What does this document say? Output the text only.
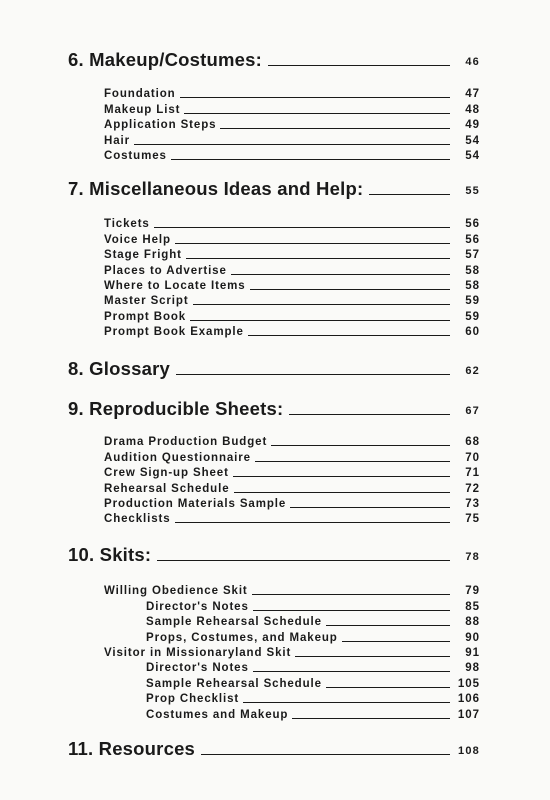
6. Makeup/Costumes:	46
Foundation	47
Makeup List	48
Application Steps	49
Hair	54
Costumes	54
7. Miscellaneous Ideas and Help:	55
Tickets	56
Voice Help	56
Stage Fright	57
Places to Advertise	58
Where to Locate Items	58
Master Script	59
Prompt Book	59
Prompt Book Example	60
8. Glossary	62
9. Reproducible Sheets:	67
Drama Production Budget	68
Audition Questionnaire	70
Crew Sign-up Sheet	71
Rehearsal Schedule	72
Production Materials Sample	73
Checklists	75
10. Skits:	78
Willing Obedience Skit	79
Director's Notes	85
Sample Rehearsal Schedule	88
Props, Costumes, and Makeup	90
Visitor in Missionaryland Skit	91
Director's Notes	98
Sample Rehearsal Schedule	105
Prop Checklist	106
Costumes and Makeup	107
11. Resources	108
